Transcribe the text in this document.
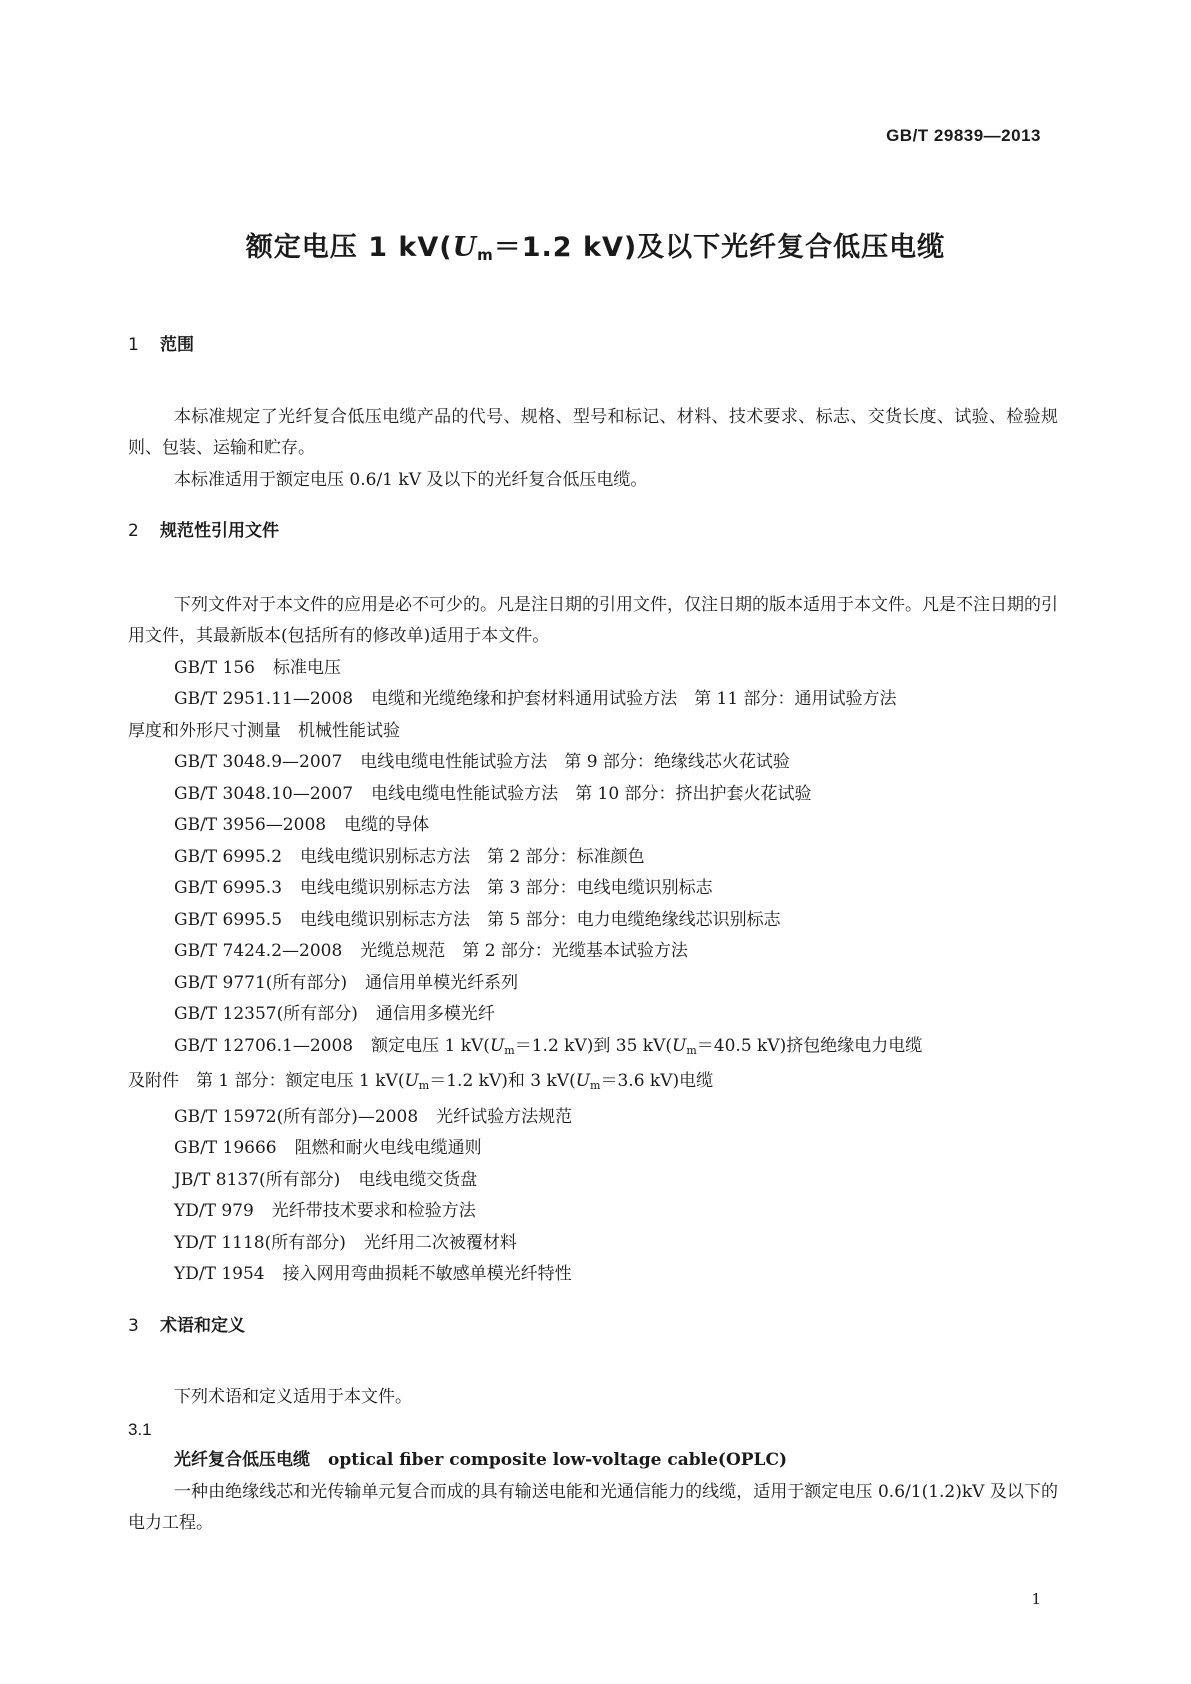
GB/T 29839—2013

额定电压 1 $kV(U_m=1.2$ kV)及以下光纤复合低压电缆
1 范围

本标准规定了光纤复合低压电缆产品的代号、规格、型号和标记、材料、技术要求、标志、交货长度、试验、检验规则、包装、运输和贮存。

本标准适用于额定电压 0.6/1 kV 及以下的光纤复合低压电缆。

2 规范性引用文件

下列文件对于本文件的应用是必不可少的。凡是注日期的引用文件，仅注日期的版本适用于本文件。凡是不注日期的引用文件，其最新版本(包括所有的修改单)适用于本文件。

GB/T 156 标准电压

GB/T 2951.11—2008 电缆和光缆绝缘和护套材料通用试验方法　第 11 部分：通用试验方法

厚度和外形尺寸测量　机械性能试验

GB/T 3048.9—2007 电线电缆电性能试验方法　第 9 部分：绝缘线芯火花试验

GB/T 3048.10—2007 电线电缆电性能试验方法　第 10 部分：挤出护套火花试验

GB/T 3956—2008 电缆的导体

GB/T 6995.2 电线电缆识别标志方法　第 2 部分：标准颜色

GB/T 6995.3 电线电缆识别标志方法　第 3 部分：电线电缆识别标志

GB/T 6995.5 电线电缆识别标志方法　第 5 部分：电力电缆绝缘线芯识别标志

GB/T 7424.2—2008 光缆总规范　第 2 部分：光缆基本试验方法

GB/T 9771(所有部分) 通信用单模光纤系列

GB/T 12357(所有部分) 通信用多模光纤

GB/T 12706.1—2008 额定电压 1 $kV(U_m=1.2$ kV)到 35 $kV(U_m=40.5$ kV)挤包绝缘电力电缆

及附件　第 1 部分：额定电压 1 $kV(U_m=1.2$ kV)和 3 $kV(U_m=3.6$ kV)电缆

GB/T 15972(所有部分)—2008 光纤试验方法规范

GB/T 19666 阻燃和耐火电线电缆通则

JB/T 8137(所有部分) 电线电缆交货盘

YD/T 979 光纤带技术要求和检验方法

YD/T 1118(所有部分) 光纤用二次被覆材料

YD/T 1954 接入网用弯曲损耗不敏感单模光纤特性

3 术语和定义

下列术语和定义适用于本文件。

3.1

光纤复合低压电缆 optical fiber composite low-voltage cable(OPLC)

一种由绝缘线芯和光传输单元复合而成的具有输送电能和光通信能力的线缆，适用于额定电压 0.6/1(1.2)kV 及以下的电力工程。

1
